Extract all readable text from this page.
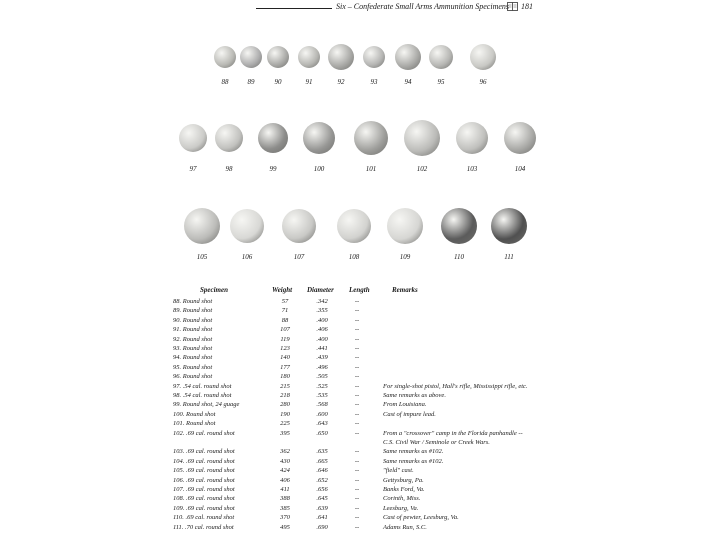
Six – Confederate Small Arms Ammunition Specimens 181
88	89	90	91	92	93	94	95	96
97	98	99	100	101	102	103	104
105	106	107	108	109	110	111
Specimen	Weight Diameter Length	Remarks
88. Round shot	57	.342	--
89. Round shot	71	.355	--
90. Round shot	88	.400	--
91. Round shot	107	.406	--
92. Round shot	119	.400	--
93. Round shot	123	.441	--
94. Round shot	140	.439	--
95. Round shot	177	.496	--
96. Round shot	180	.505	--
97. .54 cal. round shot	215	.525	--	For single-shot pistol, Hall's rifle, Mississippi rifle, etc.
98. .54 cal. round shot	218	.535	--	Same remarks as above.
99. Round shot, 24 guage	280	.568	--	From Louisiana.
100. Round shot	190	.600	--	Cast of impure lead.
101. Round shot	225	.643	--
102. .69 cal. round shot	395	.650	--	From a "crossover" camp in the Florida panhandle --
C.S. Civil War / Seminole or Creek Wars.
103. .69 cal. round shot	362	.635	--	Same remarks as #102.
104. .69 cal. round shot	430	.665	--	Same remarks as #102.
105. .69 cal. round shot	424	.646	--	"field" cast.
106. .69 cal. round shot	406	.652	--	Gettysburg, Pa.
107. .69 cal. round shot	411	.656	--	Banks Ford, Va.
108. .69 cal. round shot	388	.645	--	Corinth, Miss.
109. .69 cal. round shot	385	.639	--	Leesburg, Va.
110. .69 cal. round shot	370	.641	--	Cast of pewter, Leesburg, Va.
111. .70 cal. round shot	495	.690	--	Adams Run, S.C.
